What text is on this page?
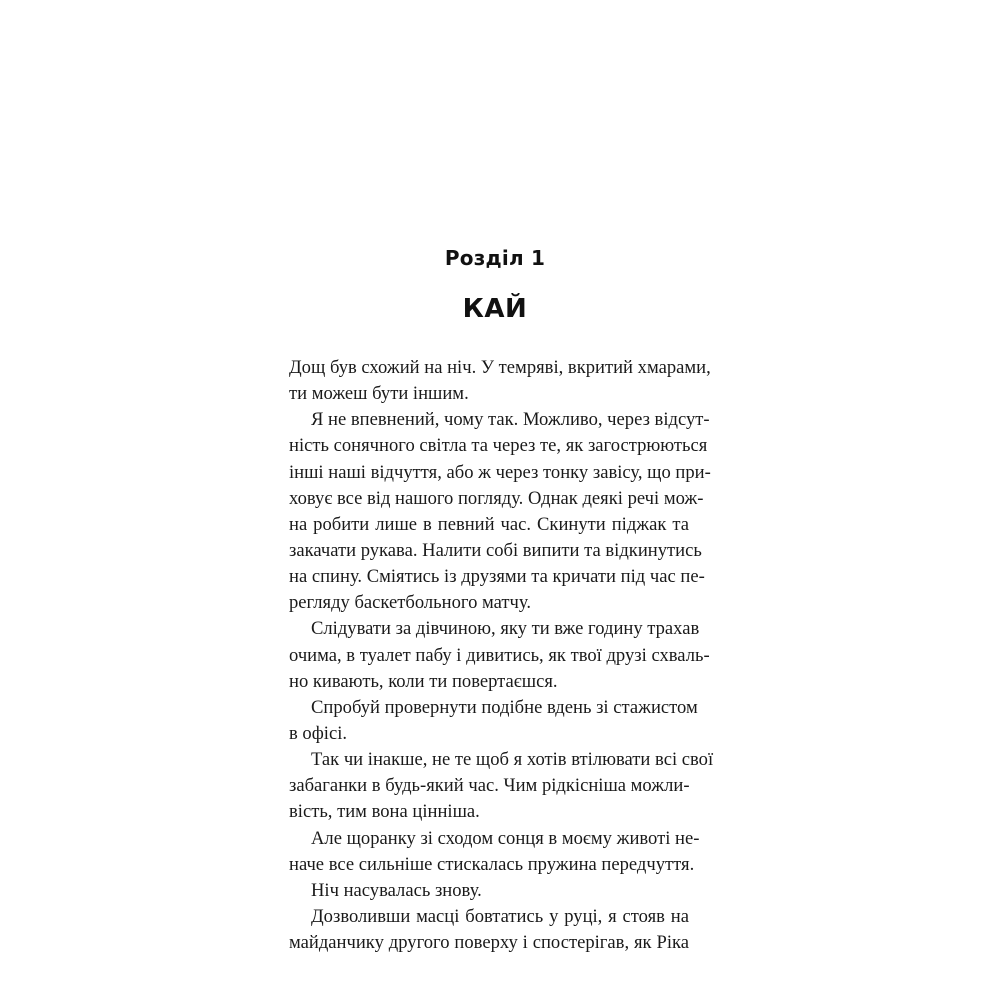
Розділ 1
КАЙ
Дощ був схожий на ніч. У темряві, вкритий хмарами,
ти можеш бути іншим.
Я не впевнений, чому так. Можливо, через відсут-
ність сонячного світла та через те, як загострюються
інші наші відчуття, або ж через тонку завісу, що при-
ховує все від нашого погляду. Однак деякі речі мож-
на робити лише в певний час. Скинути піджак та
закачати рукава. Налити собі випити та відкинутись
на спину. Сміятись із друзями та кричати під час пе-
регляду баскетбольного матчу.
Слідувати за дівчиною, яку ти вже годину трахав
очима, в туалет пабу і дивитись, як твої друзі схваль-
но кивають, коли ти повертаєшся.
Спробуй провернути подібне вдень зі стажистом
в офісі.
Так чи інакше, не те щоб я хотів втілювати всі свої
забаганки в будь-який час. Чим рідкісніша можли-
вість, тим вона цінніша.
Але щоранку зі сходом сонця в моєму животі не-
наче все сильніше стискалась пружина передчуття.
Ніч насувалась знову.
Дозволивши масці бовтатись у руці, я стояв на
майданчику другого поверху і спостерігав, як Ріка
